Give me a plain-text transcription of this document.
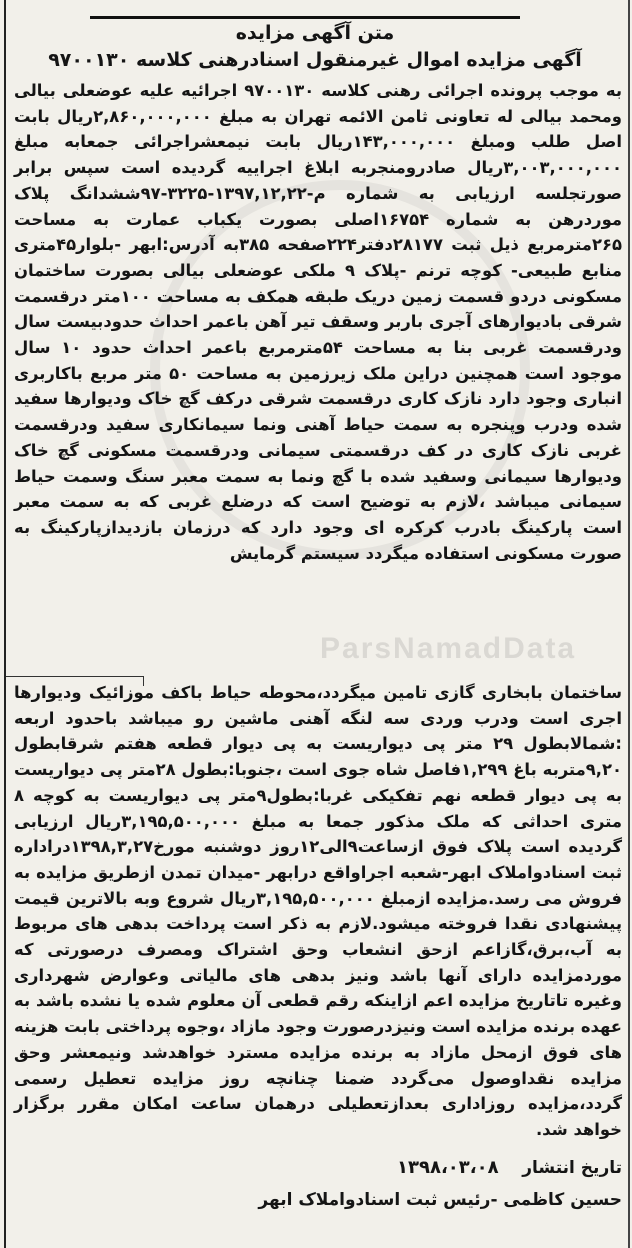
متن آگهی مزایده
آگهی مزایده اموال غیرمنقول اسنادرهنی کلاسه ۹۷۰۰۱۳۰

به موجب پرونده اجرائی رهنی کلاسه ۹۷۰۰۱۳۰ اجرائیه علیه عوضعلی بیالی ومحمد بیالی له تعاونی ثامن الائمه تهران به مبلغ ۲,۸۶۰,۰۰۰,۰۰۰ریال بابت اصل طلب ومبلغ ۱۴۳,۰۰۰,۰۰۰ریال بابت نیمعشراجرائی جمعابه مبلغ ۳,۰۰۳,۰۰۰,۰۰۰ریال صادرومنجربه ابلاغ اجراییه گردیده است سپس برابر صورتجلسه ارزیابی به شماره م-۱۳۹۷,۱۲,۲۲-۳۲۲۵-۹۷ششدانگ پلاک موردرهن به شماره ۱۶۷۵۴اصلی بصورت یکباب عمارت به مساحت ۲۶۵مترمربع ذیل ثبت ۲۸۱۷۷دفتر۲۲۴صفحه ۳۸۵به آدرس:ابهر -بلوار۴۵متری منابع طبیعی- کوچه ترنم -پلاک ۹ ملکی عوضعلی بیالی بصورت ساختمان مسکونی دردو قسمت زمین دریک طبقه همکف به مساحت ۱۰۰متر درقسمت شرقی بادیوارهای آجری باربر وسقف تیر آهن باعمر احداث حدودبیست سال ودرقسمت غربی بنا به مساحت ۵۴مترمربع باعمر احداث حدود ۱۰ سال موجود است همچنین دراین ملک زیرزمین به مساحت ۵۰ متر مربع باکاربری انباری وجود دارد نازک کاری درقسمت شرقی درکف گچ خاک ودیوارها سفید شده ودرب وپنجره به سمت حیاط آهنی ونما سیمانکاری سفید ودرقسمت غربی نازک کاری در کف درقسمتی سیمانی ودرقسمت مسکونی گچ خاک ودیوارها سیمانی وسفید شده با گچ ونما به سمت معبر سنگ وسمت حیاط سیمانی میباشد ،لازم به توضیح است که درضلع غربی که به سمت معبر است پارکینگ بادرب کرکره ای وجود دارد که درزمان بازدیدازپارکینگ به صورت مسکونی استفاده میگردد سیستم گرمایش

ParsNamadData

ساختمان بابخاری گازی تامین میگردد،محوطه حیاط باکف موزائیک ودیوارها اجری است ودرب وردی سه لنگه آهنی ماشین رو میباشد باحدود اربعه :شمالابطول ۲۹ متر پی دیواریست به پی دیوار قطعه هفتم شرقابطول ۹,۲۰متربه باغ ۱,۲۹۹فاصل شاه جوی است ،جنوبا:بطول ۲۸متر پی دیواریست به پی دیوار قطعه نهم تفکیکی غربا:بطول۹متر پی دیواریست به کوچه ۸ متری احداثی که ملک مذکور جمعا به مبلغ ۳,۱۹۵,۵۰۰,۰۰۰ریال ارزیابی گردیده است پلاک فوق ازساعت۹الی۱۲روز دوشنبه مورخ۱۳۹۸,۳,۲۷دراداره ثبت اسنادواملاک ابهر-شعبه اجراواقع درابهر -میدان تمدن ازطریق مزایده به فروش می رسد.مزایده ازمبلغ ۳,۱۹۵,۵۰۰,۰۰۰ریال شروع وبه بالاترین قیمت پیشنهادی نقدا فروخته میشود.لازم به ذکر است پرداخت بدهی های مربوط به آب،برق،گازاعم ازحق انشعاب وحق اشتراک ومصرف درصورتی که موردمزایده دارای آنها باشد ونیز بدهی های مالیاتی وعوارض شهرداری وغیره تاتاریخ مزایده اعم ازاینکه رقم قطعی آن معلوم شده یا نشده باشد به عهده برنده مزایده است ونیزدرصورت وجود مازاد ،وجوه پرداختی بابت هزینه های فوق ازمحل مازاد به برنده مزایده مسترد خواهدشد ونیمعشر وحق مزایده نقداوصول می‌گردد ضمنا چنانچه روز مزایده تعطیل رسمی گردد،مزایده روزاداری بعدازتعطیلی درهمان ساعت امکان مقرر برگزار خواهد شد.

تاریخ انتشار    ۱۳۹۸،۰۳،۰۸
حسین کاظمی -رئیس ثبت اسنادواملاک ابهر
